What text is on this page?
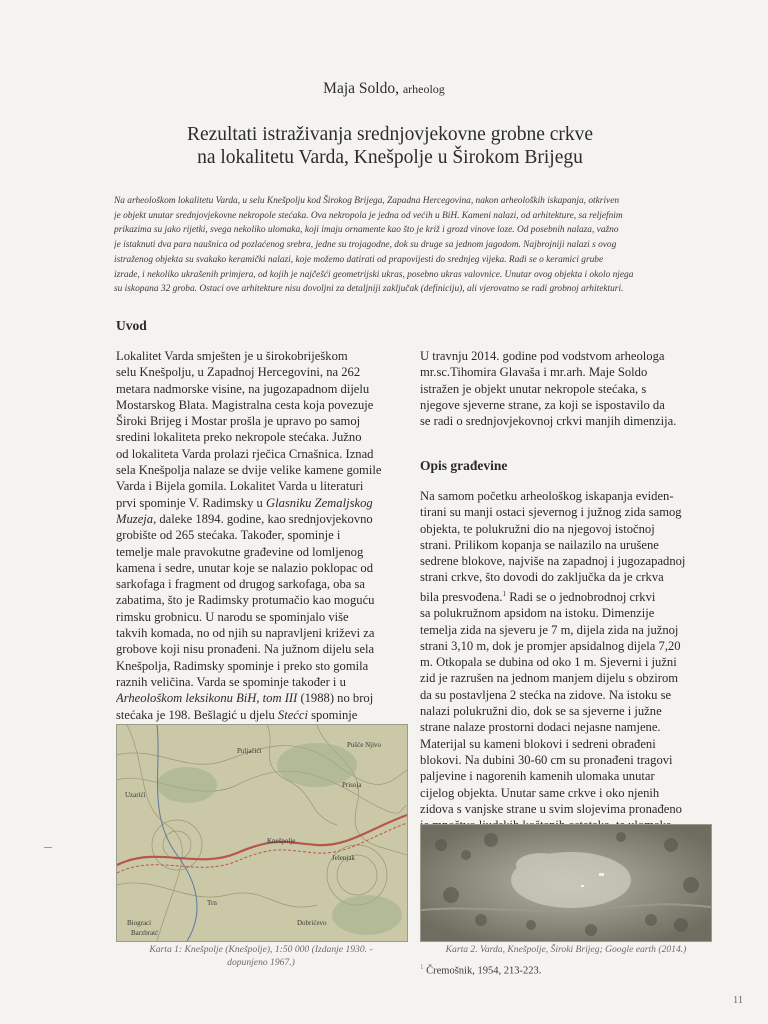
Maja Soldo, arheolog
Rezultati istraživanja srednjovjekovne grobne crkve
na lokalitetu Varda, Knešpolje u Širokom Brijegu
Na arheološkom lokalitetu Varda, u selu Knešpolju kod Širokog Brijega, Zapadna Hercegovina, nakon arheoloških iskapanja, otkriven
je objekt unutar srednjovjekovne nekropole stećaka. Ova nekropola je jedna od većih u BiH. Kameni nalazi, od arhitekture, sa reljefnim
prikazima su jako rijetki, svega nekoliko ulomaka, koji imaju ornamente kao što je križ i grozd vinove loze. Od posebnih nalaza, važno
je istaknuti dva para naušnica od pozlaćenog srebra, jedne su trojagodne, dok su druge sa jednom jagodom. Najbrojniji nalazi s ovog
istraženog objekta su svakako keramički nalazi, koje možemo datirati od prapovijesti do srednjeg vijeka. Radi se o keramici grube
izrade, i nekoliko ukrašenih primjera, od kojih je najčešći geometrijski ukras, posebno ukras valovnice. Unutar ovog objekta i okolo njega
su iskopana 32 groba. Ostaci ove arhitekture nisu dovoljni za detaljniji zaključak (definiciju), ali vjerovatno se radi grobnoj arhitekturi.
Uvod
Lokalitet Varda smješten je u širokobriješkom
selu Knešpolju, u Zapadnoj Hercegovini, na 262
metara nadmorske visine, na jugozapadnom dijelu
Mostarskog Blata. Magistralna cesta koja povezuje
Široki Brijeg i Mostar prošla je upravo po samoj
sredini lokaliteta preko nekropole stećaka. Južno
od lokaliteta Varda prolazi rječica Crnašnica. Iznad
sela Knešpolja nalaze se dvije velike kamene gomile
Varda i Bijela gomila. Lokalitet Varda u literaturi
prvi spominje V. Radimsky u Glasniku Zemaljskog
Muzeja, daleke 1894. godine, kao srednjovjekovno
grobište od 265 stećaka. Također, spominje i
temelje male pravokutne građevine od lomljenog
kamena i sedre, unutar koje se nalazio poklopac od
sarkofaga i fragment od drugog sarkofaga, oba sa
zabatima, što je Radimsky protumačio kao moguću
rimsku grobnicu. U narodu se spominjalo više
takvih komada, no od njih su napravljeni križevi za
grobove koji nisu pronađeni. Na južnom dijelu sela
Knešpolja, Radimsky spominje i preko sto gomila
raznih veličina. Varda se spominje također i u
Arheološkom leksikonu BiH, tom III (1988) no broj
stećaka je 198. Bešlagić u djelu Stećci spominje
U travnju 2014. godine pod vodstvom arheologa
mr.sc.Tihomira Glavaša i mr.arh. Maje Soldo
istražen je objekt unutar nekropole stećaka, s
njegove sjeverne strane, za koji se ispostavilo da
se radi o srednjovjekovnoj crkvi manjih dimenzija.
Opis građevine
Na samom početku arheološkog iskapanja eviden-
tirani su manji ostaci sjevernog i južnog zida samog
objekta, te polukružni dio na njegovoj istočnoj
strani. Prilikom kopanja se nailazilo na urušene
sedrene blokove, najviše na zapadnoj i jugozapadnoj
strani crkve, što dovodi do zaključka da je crkva
bila presvođena.$^1$ Radi se o jednobrodnoj crkvi
sa polukružnom apsidom na istoku. Dimenzije
temelja zida na sjeveru je 7 m, dijela zida na južnoj
strani 3,10 m, dok je promjer apsidalnog dijela 7,20
m. Otkopala se dubina od oko 1 m. Sjeverni i južni
zid je razrušen na jednom manjem dijelu s obzirom
da su postavljena 2 stećka na zidove. Na istoku se
nalazi polukružni dio, dok se sa sjeverne i južne
strane nalaze prostorni dodaci nejasne namjene.
Materijal su kameni blokovi i sedreni obrađeni
blokovi. Na dubini 30-60 cm su pronađeni tragovi
paljevine i nagorenih kamenih ulomaka unutar
cijelog objekta. Unutar same crkve i oko njenih
zidova s vanjske strane u svim slojevima pronađeno
Pušće Njivo
Prisoja
Knešpolje
Uzarići
Jelenjak
Puljačići
Biograci
Barzbratć
Trn
Dobrićevo
Karta 1: Knešpolje (Knešpolje), 1:50 000 (Izdanje 1930. -
dopunjeno 1967.)
Karta 2. Varda, Knešpolje, Široki Brijeg; Google earth (2014.)
$^1$ Čremošnik, 1954, 213-223.
11
